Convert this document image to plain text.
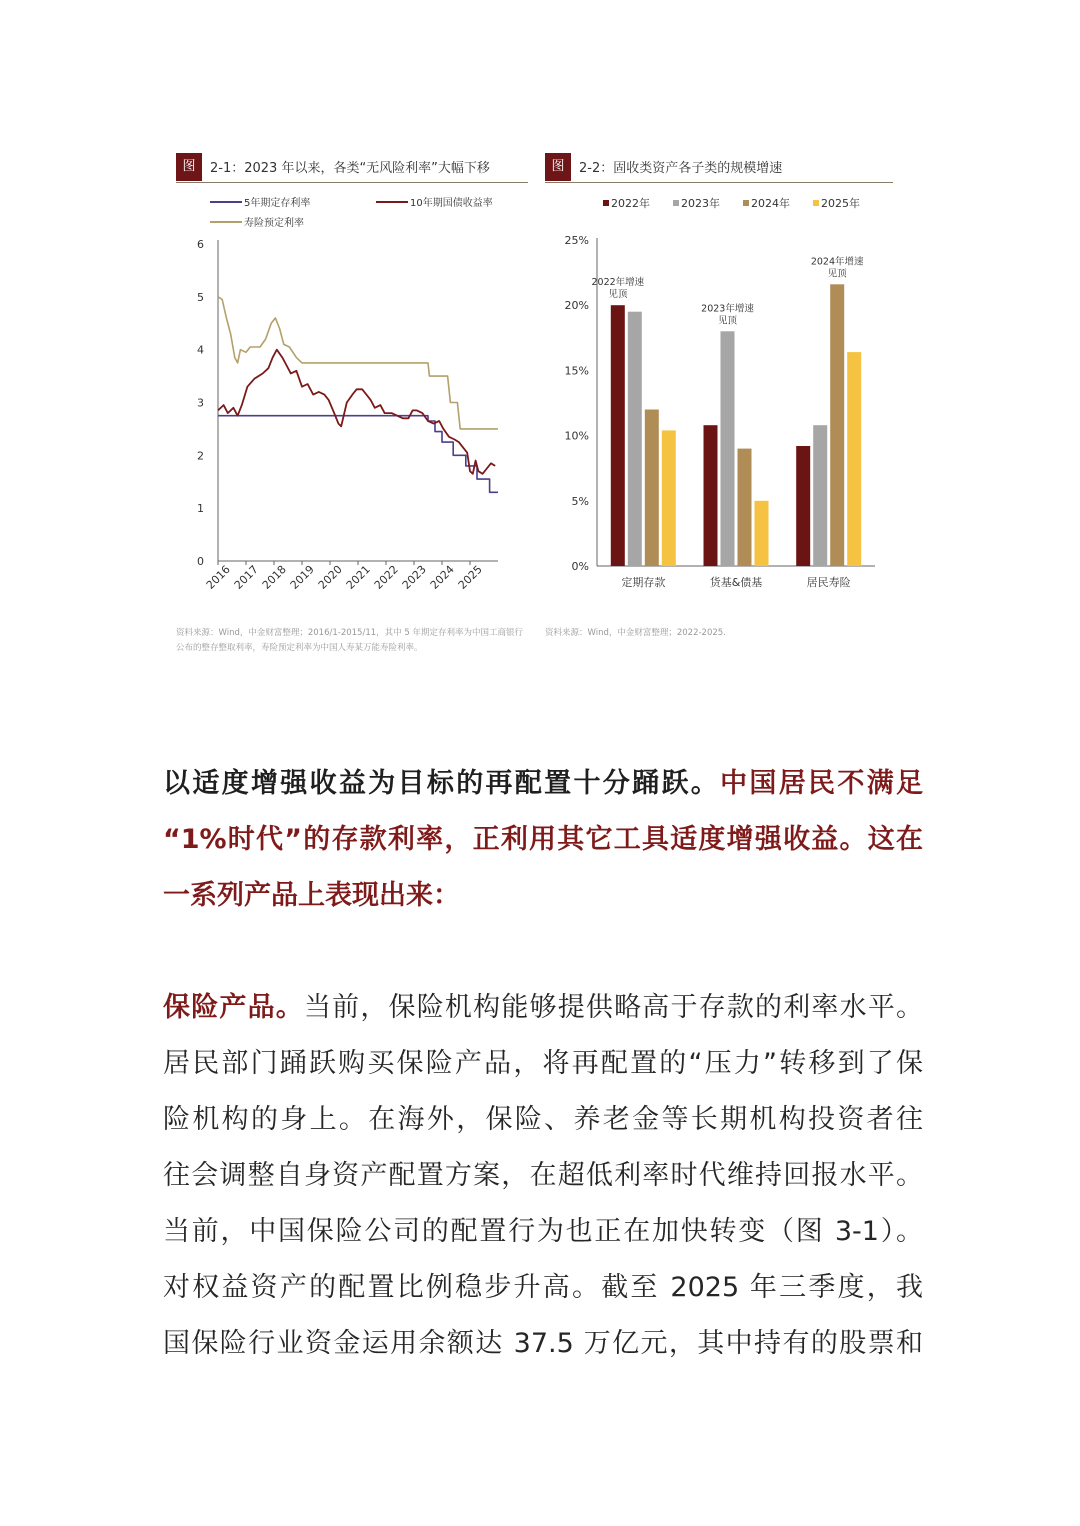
图	2-1：2023 年以来，各类“无风险利率”大幅下移
5年期定存利率	10年期国债收益率
寿险预定利率
0
1
2
3
4
5
6
2016 2017 2018 2019 2020 2021 2022 2023 2024 2025
资料来源：Wind，中金财富整理；2016/1-2015/11，其中 5 年期定存利率为中国工商银行公布的整存整取利率，寿险预定利率为中国人寿某万能寿险利率。
图	2-2：固收类资产各子类的规模增速
2022年	2023年	2024年	2025年
0%
5%
10%
15%
20%
25%
定期存款	货基&债基	居民寿险
2022年增速
见顶
2023年增速
见顶
2024年增速
见顶
资料来源：Wind，中金财富整理；2022-2025.
以适度增强收益为目标的再配置十分踊跃。中国居民不满足
“1%时代”的存款利率，正利用其它工具适度增强收益。这在
一系列产品上表现出来：
保险产品。当前，保险机构能够提供略高于存款的利率水平。
居民部门踊跃购买保险产品，将再配置的“压力”转移到了保
险机构的身上。在海外，保险、养老金等长期机构投资者往
往会调整自身资产配置方案，在超低利率时代维持回报水平。
当前，中国保险公司的配置行为也正在加快转变（图 3-1）。
对权益资产的配置比例稳步升高。截至 2025 年三季度，我
国保险行业资金运用余额达 37.5 万亿元，其中持有的股票和
